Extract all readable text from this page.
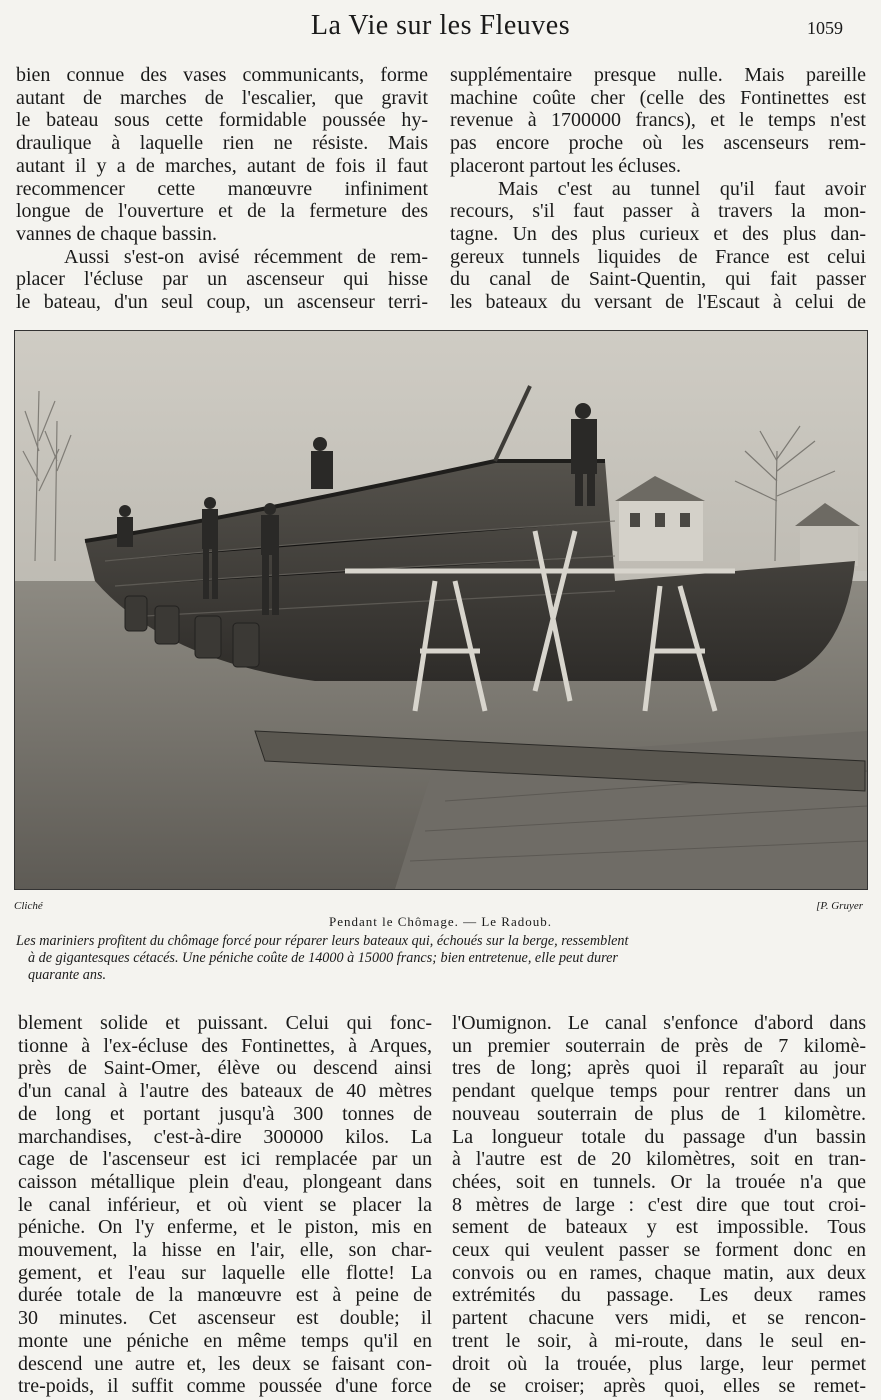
La Vie sur les Fleuves	1059
bien connue des vases communicants, forme
autant de marches de l'escalier, que gravit
le bateau sous cette formidable poussée hy-
draulique à laquelle rien ne résiste. Mais
autant il y a de marches, autant de fois il faut
recommencer cette manœuvre infiniment
longue de l'ouverture et de la fermeture des
vannes de chaque bassin.
Aussi s'est-on avisé récemment de rem-
placer l'écluse par un ascenseur qui hisse
le bateau, d'un seul coup, un ascenseur terri-
supplémentaire presque nulle. Mais pareille
machine coûte cher (celle des Fontinettes est
revenue à 1700000 francs), et le temps n'est
pas encore proche où les ascenseurs rem-
placeront partout les écluses.
Mais c'est au tunnel qu'il faut avoir
recours, s'il faut passer à travers la mon-
tagne. Un des plus curieux et des plus dan-
gereux tunnels liquides de France est celui
du canal de Saint-Quentin, qui fait passer
les bateaux du versant de l'Escaut à celui de
Cliché	[P. Gruyer
Pendant le Chômage. — Le Radoub.
Les mariniers profitent du chômage forcé pour réparer leurs bateaux qui, échoués sur la berge, ressemblent
à de gigantesques cétacés. Une péniche coûte de 14000 à 15000 francs; bien entretenue, elle peut durer
quarante ans.
blement solide et puissant. Celui qui fonc-
tionne à l'ex-écluse des Fontinettes, à Arques,
près de Saint-Omer, élève ou descend ainsi
d'un canal à l'autre des bateaux de 40 mètres
de long et portant jusqu'à 300 tonnes de
marchandises, c'est-à-dire 300000 kilos. La
cage de l'ascenseur est ici remplacée par un
caisson métallique plein d'eau, plongeant dans
le canal inférieur, et où vient se placer la
péniche. On l'y enferme, et le piston, mis en
mouvement, la hisse en l'air, elle, son char-
gement, et l'eau sur laquelle elle flotte! La
durée totale de la manœuvre est à peine de
30 minutes. Cet ascenseur est double; il
monte une péniche en même temps qu'il en
descend une autre et, les deux se faisant con-
tre-poids, il suffit comme poussée d'une force
l'Oumignon. Le canal s'enfonce d'abord dans
un premier souterrain de près de 7 kilomè-
tres de long; après quoi il reparaît au jour
pendant quelque temps pour rentrer dans un
nouveau souterrain de plus de 1 kilomètre.
La longueur totale du passage d'un bassin
à l'autre est de 20 kilomètres, soit en tran-
chées, soit en tunnels. Or la trouée n'a que
8 mètres de large : c'est dire que tout croi-
sement de bateaux y est impossible. Tous
ceux qui veulent passer se forment donc en
convois ou en rames, chaque matin, aux deux
extrémités du passage. Les deux rames
partent chacune vers midi, et se rencon-
trent le soir, à mi-route, dans le seul en-
droit où la trouée, plus large, leur permet
de se croiser; après quoi, elles se remet-
